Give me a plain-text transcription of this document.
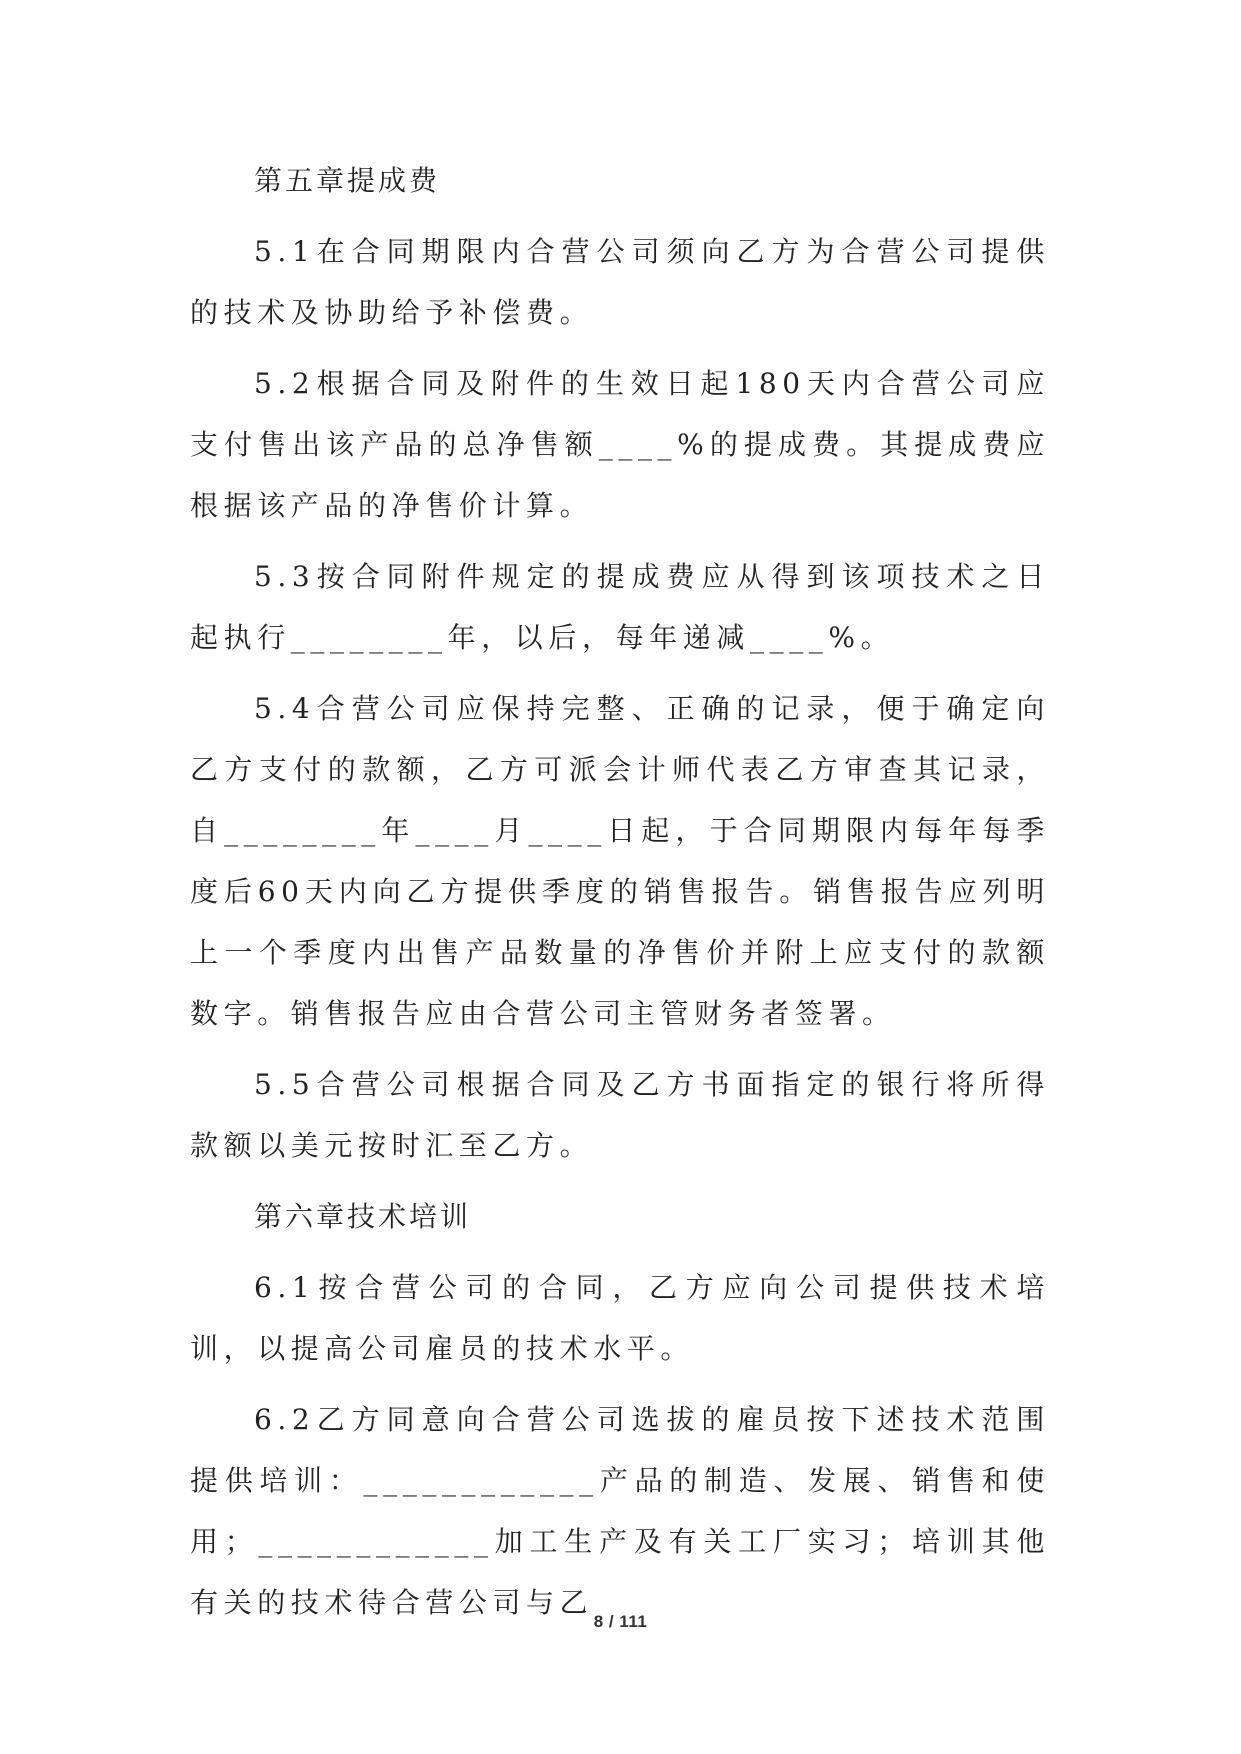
第五章提成费

5.1在合同期限内合营公司须向乙方为合营公司提供的技术及协助给予补偿费。

5.2根据合同及附件的生效日起180天内合营公司应支付售出该产品的总净售额____%的提成费。其提成费应根据该产品的净售价计算。

5.3按合同附件规定的提成费应从得到该项技术之日起执行________年，以后，每年递减____%。

5.4合营公司应保持完整、正确的记录，便于确定向乙方支付的款额，乙方可派会计师代表乙方审查其记录，自________年____月____日起，于合同期限内每年每季度后60天内向乙方提供季度的销售报告。销售报告应列明上一个季度内出售产品数量的净售价并附上应支付的款额数字。销售报告应由合营公司主管财务者签署。

5.5合营公司根据合同及乙方书面指定的银行将所得款额以美元按时汇至乙方。

第六章技术培训

6.1按合营公司的合同，乙方应向公司提供技术培训，以提高公司雇员的技术水平。

6.2乙方同意向合营公司选拔的雇员按下述技术范围提供培训：____________产品的制造、发展、销售和使用；____________加工生产及有关工厂实习；培训其他有关的技术待合营公司与乙

8 / 111
